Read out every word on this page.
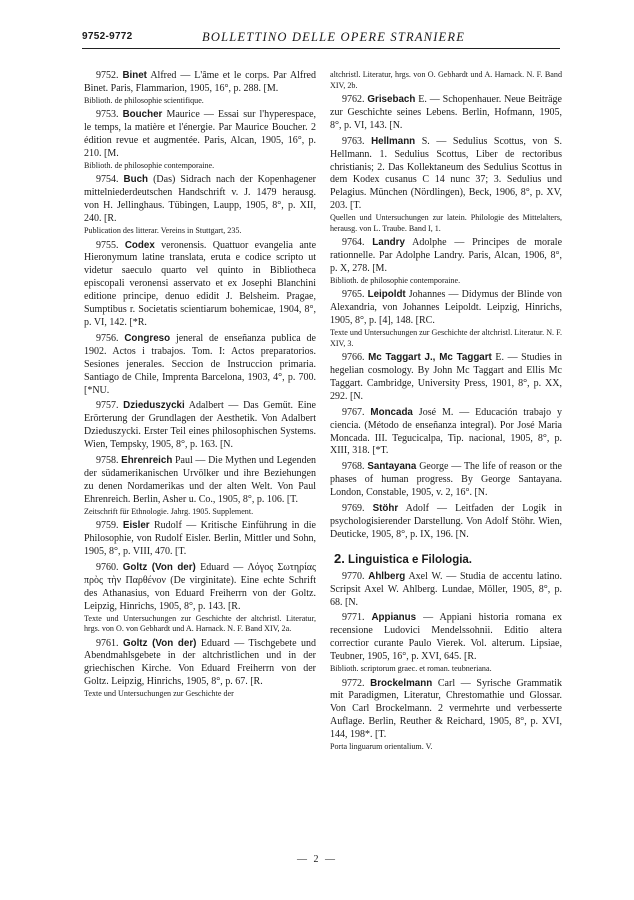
9752-9772	BOLLETTINO DELLE OPERE STRANIERE
9752. Binet Alfred — L'âme et le corps. Par Alfred Binet. Paris, Flammarion, 1905, 16°, p. 288. [M.
Biblioth. de philosophie scientifique.
9753. Boucher Maurice — Essai sur l'hyperespace, le temps, la matière et l'énergie. Par Maurice Boucher. 2 édition revue et augmentée. Paris, Alcan, 1905, 16°, p. 210. [M.
Biblioth. de philosophie contemporaine.
9754. Buch (Das) Sidrach nach der Kopenhagener mittelniederdeutschen Handschrift v. J. 1479 herausg. von H. Jellinghaus. Tübingen, Laupp, 1905, 8°, p. XII, 240. [R.
Publication des litterar. Vereins in Stuttgart, 235.
9755. Codex veronensis. Quattuor evangelia ante Hieronymum latine translata, eruta e codice scripto ut videtur saeculo quarto vel quinto in Bibliotheca episcopali veronensi asservato et ex Josephi Blanchini editione principe, denuo edidit J. Belsheim. Pragae, Sumptibus r. Societatis scientiarum bohemicae, 1904, 8°, p. VI, 142. [*R.
9756. Congreso jeneral de enseñanza publica de 1902. Actos i trabajos. Tom. I: Actos preparatorios. Sesiones jenerales. Seccion de Instruccion primaria. Santiago de Chile, Imprenta Barcelona, 1903, 4°, p. 700. [*NU.
9757. Dzieduszycki Adalbert — Das Gemüt. Eine Erörterung der Grundlagen der Aesthetik. Von Adalbert Dzieduszycki. Erster Teil eines philosophischen Systems. Wien, Tempsky, 1905, 8°, p. 163. [N.
9758. Ehrenreich Paul — Die Mythen und Legenden der südamerikanischen Urvölker und ihre Beziehungen zu denen Nordamerikas und der alten Welt. Von Paul Ehrenreich. Berlin, Asher u. Co., 1905, 8°, p. 106. [T.
Zeitschrift für Ethnologie. Jahrg. 1905. Supplement.
9759. Eisler Rudolf — Kritische Einführung in die Philosophie, von Rudolf Eisler. Berlin, Mittler und Sohn, 1905, 8°, p. VIII, 470. [T.
9760. Goltz (Von der) Eduard — Λόγος Σωτηρίας πρὸς τὴν Παρθένον (De virginitate). Eine echte Schrift des Athanasius, von Eduard Freiherrn von der Goltz. Leipzig, Hinrichs, 1905, 8°, p. 143. [R.
Texte und Untersuchungen zur Geschichte der altchristl. Literatur, hrgs. von O. von Gebhardt und A. Harnack. N. F. Band XIV, 2a.
9761. Goltz (Von der) Eduard — Tischgebete und Abendmahlsgebete in der altchristlichen und in der griechischen Kirche. Von Eduard Freiherrn von der Goltz. Leipzig, Hinrichs, 1905, 8°, p. 67. [R.
Texte und Untersuchungen zur Geschichte der
altchristl. Literatur, hrgs. von O. Gebhardt und A. Harnack. N. F. Band XIV, 2b.
9762. Grisebach E. — Schopenhauer. Neue Beiträge zur Geschichte seines Lebens. Berlin, Hofmann, 1905, 8°, p. VI, 143. [N.
9763. Hellmann S. — Sedulius Scottus, von S. Hellmann. 1. Sedulius Scottus, Liber de rectoribus christianis; 2. Das Kollektaneum des Sedulius Scottus in dem Kodex cusanus C 14 nunc 37; 3. Sedulius und Pelagius. München (Nördlingen), Beck, 1906, 8°, p. XV, 203. [T.
Quellen und Untersuchungen zur latein. Philologie des Mittelalters, herausg. von L. Traube. Band I, 1.
9764. Landry Adolphe — Principes de morale rationnelle. Par Adolphe Landry. Paris, Alcan, 1906, 8°, p. X, 278. [M.
Biblioth. de philosophie contemporaine.
9765. Leipoldt Johannes — Didymus der Blinde von Alexandria, von Johannes Leipoldt. Leipzig, Hinrichs, 1905, 8°, p. [4], 148. [RC.
Texte und Untersuchungen zur Geschichte der altchristl. Literatur. N. F. XIV, 3.
9766. Mc Taggart J., Mc Taggart E. — Studies in hegelian cosmology. By John Mc Taggart and Ellis Mc Taggart. Cambridge, University Press, 1901, 8°, p. XX, 292. [N.
9767. Moncada José M. — Educación trabajo y ciencia. (Método de enseñanza integral). Por José Maria Moncada. III. Tegucicalpa, Tip. nacional, 1905, 8°, p. XIII, 318. [*T.
9768. Santayana George — The life of reason or the phases of human progress. By George Santayana. London, Constable, 1905, v. 2, 16°. [N.
9769. Stöhr Adolf — Leitfaden der Logik in psychologisierender Darstellung. Von Adolf Stöhr. Wien, Deuticke, 1905, 8°, p. IX, 196. [N.
2. Linguistica e Filologia.
9770. Ahlberg Axel W. — Studia de accentu latino. Scripsit Axel W. Ahlberg. Lundae, Möller, 1905, 8°, p. 68. [N.
9771. Appianus — Appiani historia romana ex recensione Ludovici Mendelssohnii. Editio altera correctior curante Paulo Vierek. Vol. alterum. Lipsiae, Teubner, 1905, 16°, p. XVI, 645. [R.
Biblioth. scriptorum graec. et roman. teubneriana.
9772. Brockelmann Carl — Syrische Grammatik mit Paradigmen, Literatur, Chrestomathie und Glossar. Von Carl Brockelmann. 2 vermehrte und verbesserte Auflage. Berlin, Reuther & Reichard, 1905, 8°, p. XVI, 144, 198*. [T.
Porta linguarum orientalium. V.
— 2 —
